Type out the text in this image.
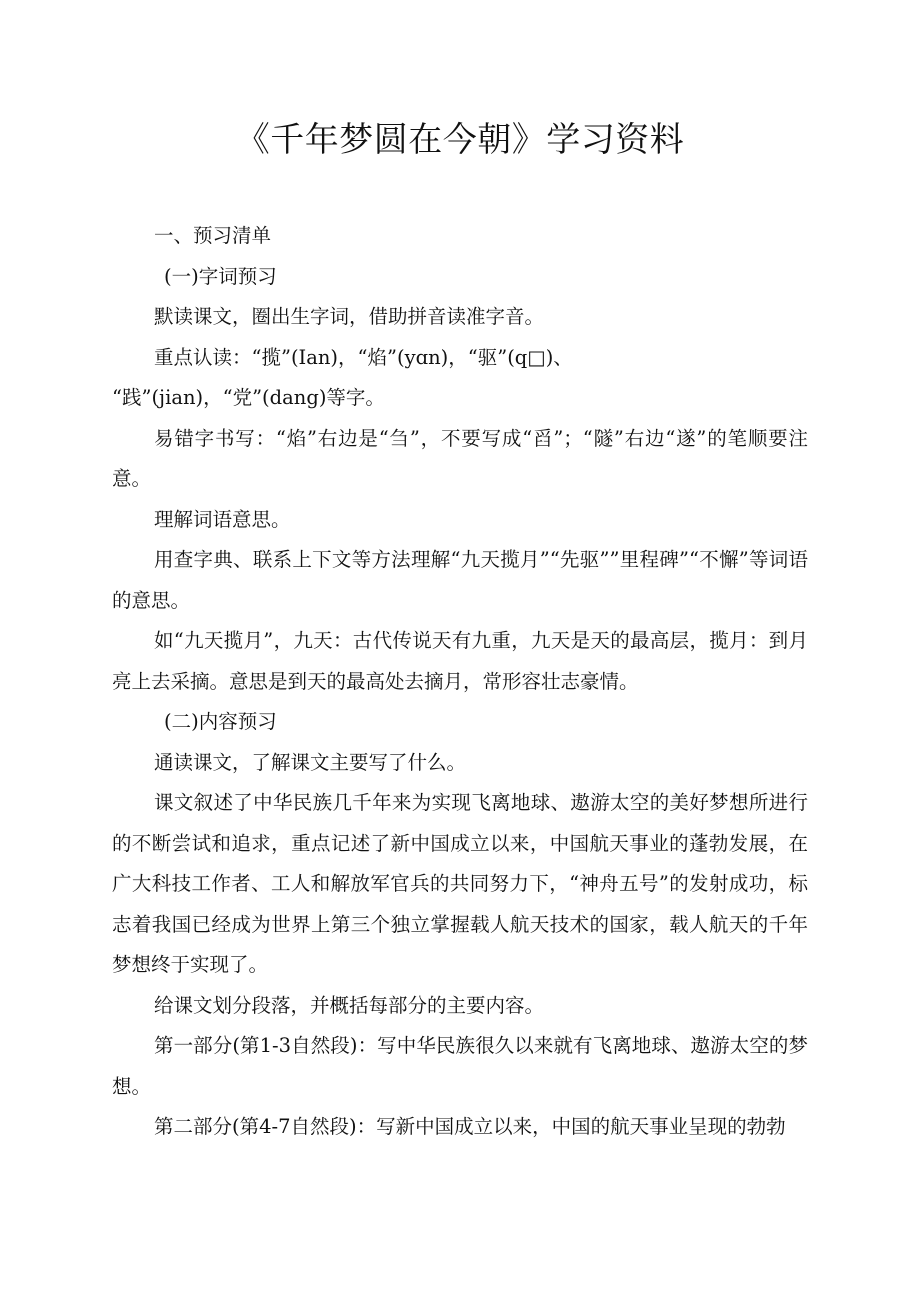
《千年梦圆在今朝》学习资料

一、预习清单

(一)字词预习

默读课文，圈出生字词，借助拼音读准字音。

重点认读：“揽”(Ian)，“焰”(yɑn)，“驱”(q□)、

“践”(jian)，“党”(dang)等字。

易错字书写：“焰”右边是“刍”，不要写成“舀”；“隧”右边“遂”的笔顺要注意。

理解词语意思。

用查字典、联系上下文等方法理解“九天揽月”“先驱””里程碑”“不懈”等词语的意思。

如“九天揽月”，九天：古代传说天有九重，九天是天的最高层，揽月：到月亮上去采摘。意思是到天的最高处去摘月，常形容壮志豪情。

(二)内容预习

通读课文，了解课文主要写了什么。

课文叙述了中华民族几千年来为实现飞离地球、遨游太空的美好梦想所进行的不断尝试和追求，重点记述了新中国成立以来，中国航天事业的蓬勃发展，在广大科技工作者、工人和解放军官兵的共同努力下，“神舟五号”的发射成功，标志着我国已经成为世界上第三个独立掌握载人航天技术的国家，载人航天的千年梦想终于实现了。

给课文划分段落，并概括每部分的主要内容。

第一部分(第1-3自然段)：写中华民族很久以来就有飞离地球、遨游太空的梦想。

第二部分(第4-7自然段)：写新中国成立以来，中国的航天事业呈现的勃勃
